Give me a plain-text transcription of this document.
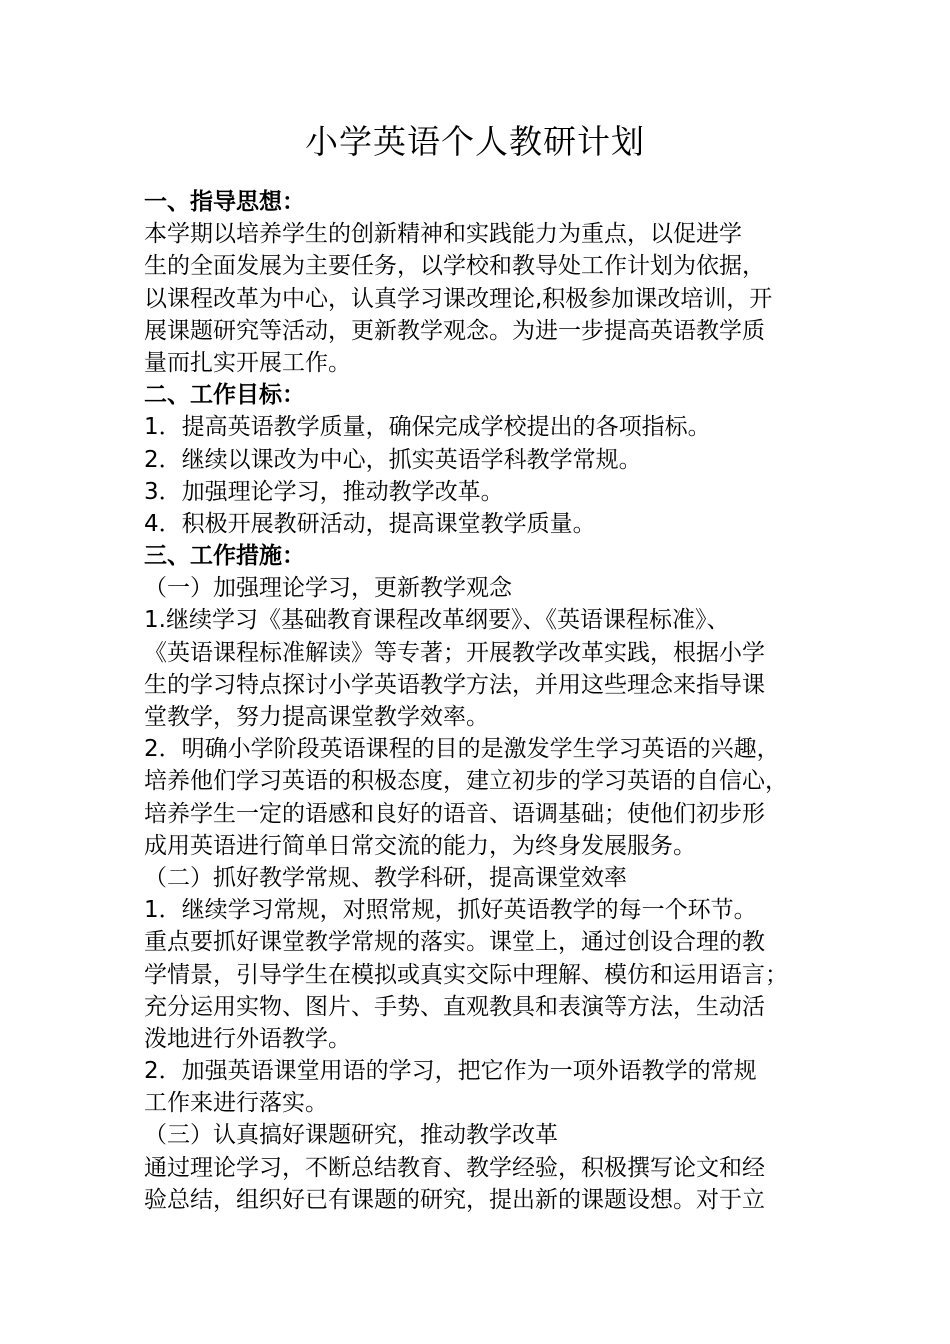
小学英语个人教研计划
一、指导思想：
本学期以培养学生的创新精神和实践能力为重点，以促进学
生的全面发展为主要任务，以学校和教导处工作计划为依据，
以课程改革为中心，认真学习课改理论,积极参加课改培训，开
展课题研究等活动，更新教学观念。为进一步提高英语教学质
量而扎实开展工作。
二、工作目标：
1．提高英语教学质量，确保完成学校提出的各项指标。
2．继续以课改为中心，抓实英语学科教学常规。
3．加强理论学习，推动教学改革。
4．积极开展教研活动，提高课堂教学质量。
三、工作措施：
（一）加强理论学习，更新教学观念
1.继续学习《基础教育课程改革纲要》、《英语课程标准》、
《英语课程标准解读》等专著；开展教学改革实践，根据小学
生的学习特点探讨小学英语教学方法，并用这些理念来指导课
堂教学，努力提高课堂教学效率。
2．明确小学阶段英语课程的目的是激发学生学习英语的兴趣，
培养他们学习英语的积极态度，建立初步的学习英语的自信心，
培养学生一定的语感和良好的语音、语调基础；使他们初步形
成用英语进行简单日常交流的能力，为终身发展服务。
（二）抓好教学常规、教学科研，提高课堂效率
1．继续学习常规，对照常规，抓好英语教学的每一个环节。
重点要抓好课堂教学常规的落实。课堂上，通过创设合理的教
学情景，引导学生在模拟或真实交际中理解、模仿和运用语言；
充分运用实物、图片、手势、直观教具和表演等方法，生动活
泼地进行外语教学。
2．加强英语课堂用语的学习，把它作为一项外语教学的常规
工作来进行落实。
（三）认真搞好课题研究，推动教学改革
通过理论学习，不断总结教育、教学经验，积极撰写论文和经
验总结，组织好已有课题的研究，提出新的课题设想。对于立
